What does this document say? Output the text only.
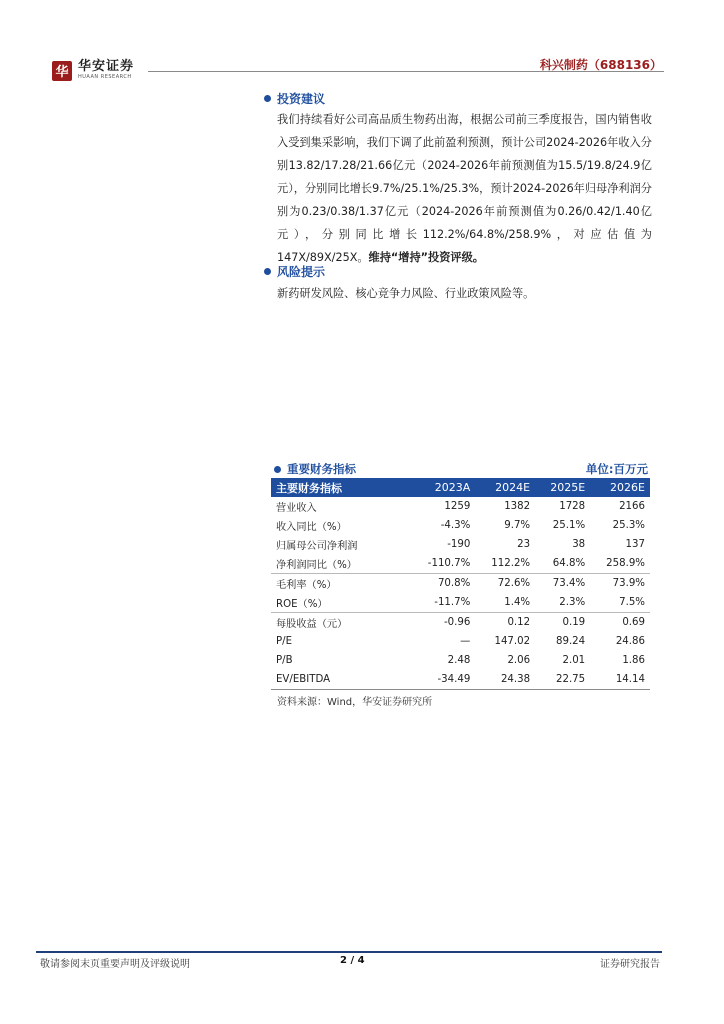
华 华安证券
HUAAN RESEARCH
科兴制药（688136）
投资建议
我们持续看好公司高品质生物药出海，根据公司前三季度报告，国内销售收入受到集采影响，我们下调了此前盈利预测，预计公司2024-2026年收入分别13.82/17.28/21.66亿元（2024-2026年前预测值为15.5/19.8/24.9亿元），分别同比增长9.7%/25.1%/25.3%，预计2024-2026年归母净利润分别为0.23/0.38/1.37亿元（2024-2026年前预测值为0.26/0.42/1.40亿元），分别同比增长112.2%/64.8%/258.9%，对应估值为147X/89X/25X。维持“增持”投资评级。
风险提示
新药研发风险、核心竞争力风险、行业政策风险等。
重要财务指标	单位:百万元
主要财务指标	2023A	2024E	2025E	2026E
营业收入	1259	1382	1728	2166
收入同比（%）	-4.3%	9.7%	25.1%	25.3%
归属母公司净利润	-190	23	38	137
净利润同比（%）	-110.7%	112.2%	64.8%	258.9%
毛利率（%）	70.8%	72.6%	73.4%	73.9%
ROE（%）	-11.7%	1.4%	2.3%	7.5%
每股收益（元）	-0.96	0.12	0.19	0.69
P/E	—	147.02	89.24	24.86
P/B	2.48	2.06	2.01	1.86
EV/EBITDA	-34.49	24.38	22.75	14.14
资料来源：Wind，华安证券研究所
敬请参阅末页重要声明及评级说明	2 / 4	证券研究报告
